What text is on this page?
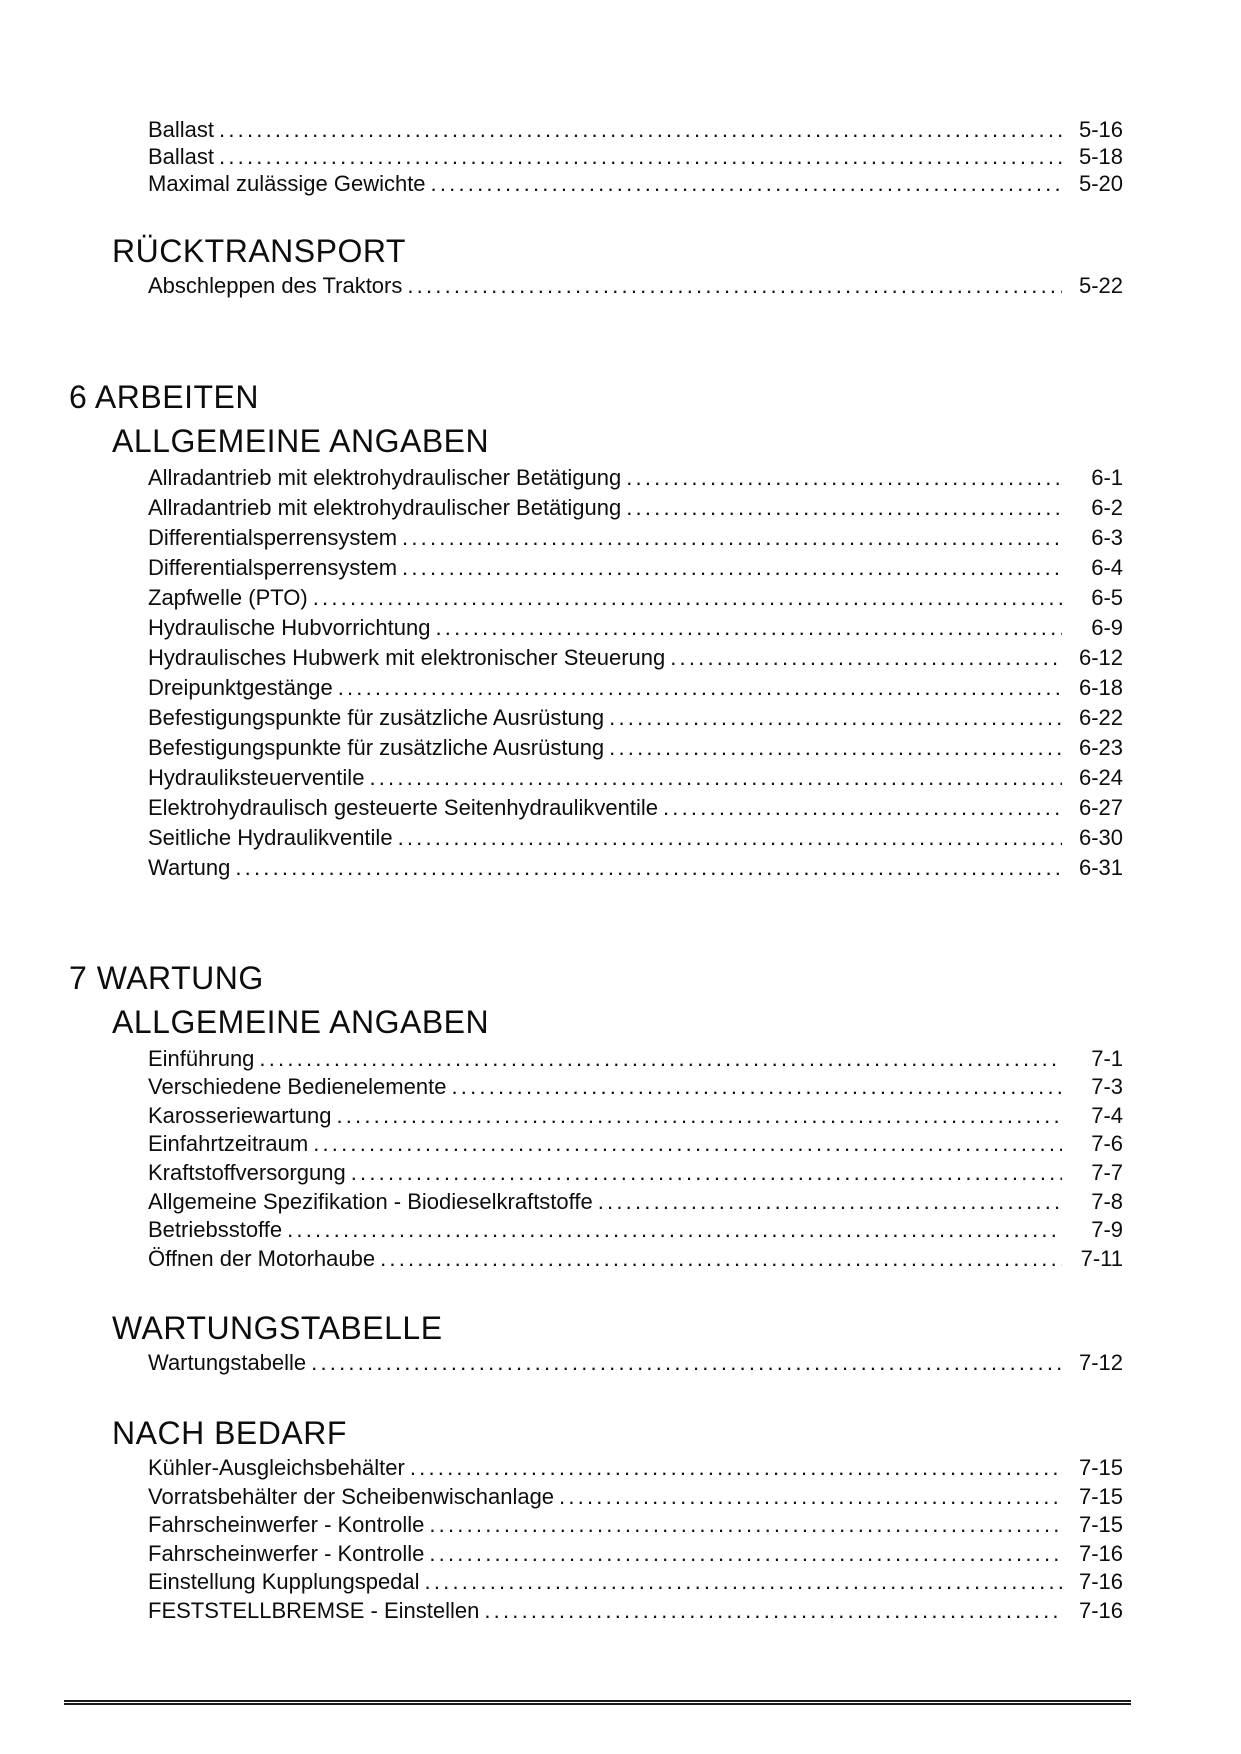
Ballast .....	5-16
Ballast .....	5-18
Maximal zulässige Gewichte .....	5-20
RÜCKTRANSPORT
Abschleppen des Traktors .....	5-22
6 ARBEITEN
ALLGEMEINE ANGABEN
Allradantrieb mit elektrohydraulischer Betätigung .....	6-1
Allradantrieb mit elektrohydraulischer Betätigung .....	6-2
Differentialsperrensystem .....	6-3
Differentialsperrensystem .....	6-4
Zapfwelle (PTO) .....	6-5
Hydraulische Hubvorrichtung .....	6-9
Hydraulisches Hubwerk mit elektronischer Steuerung .....	6-12
Dreipunktgestänge .....	6-18
Befestigungspunkte für zusätzliche Ausrüstung .....	6-22
Befestigungspunkte für zusätzliche Ausrüstung .....	6-23
Hydrauliksteuerventile .....	6-24
Elektrohydraulisch gesteuerte Seitenhydraulikventile .....	6-27
Seitliche Hydraulikventile .....	6-30
Wartung .....	6-31
7 WARTUNG
ALLGEMEINE ANGABEN
Einführung .....	7-1
Verschiedene Bedienelemente .....	7-3
Karosseriewartung .....	7-4
Einfahrtzeitraum .....	7-6
Kraftstoffversorgung .....	7-7
Allgemeine Spezifikation - Biodieselkraftstoffe .....	7-8
Betriebsstoffe .....	7-9
Öffnen der Motorhaube .....	7-11
WARTUNGSTABELLE
Wartungstabelle .....	7-12
NACH BEDARF
Kühler-Ausgleichsbehälter .....	7-15
Vorratsbehälter der Scheibenwischanlage .....	7-15
Fahrscheinwerfer - Kontrolle .....	7-15
Fahrscheinwerfer - Kontrolle .....	7-16
Einstellung Kupplungspedal .....	7-16
FESTSTELLBREMSE - Einstellen .....	7-16
